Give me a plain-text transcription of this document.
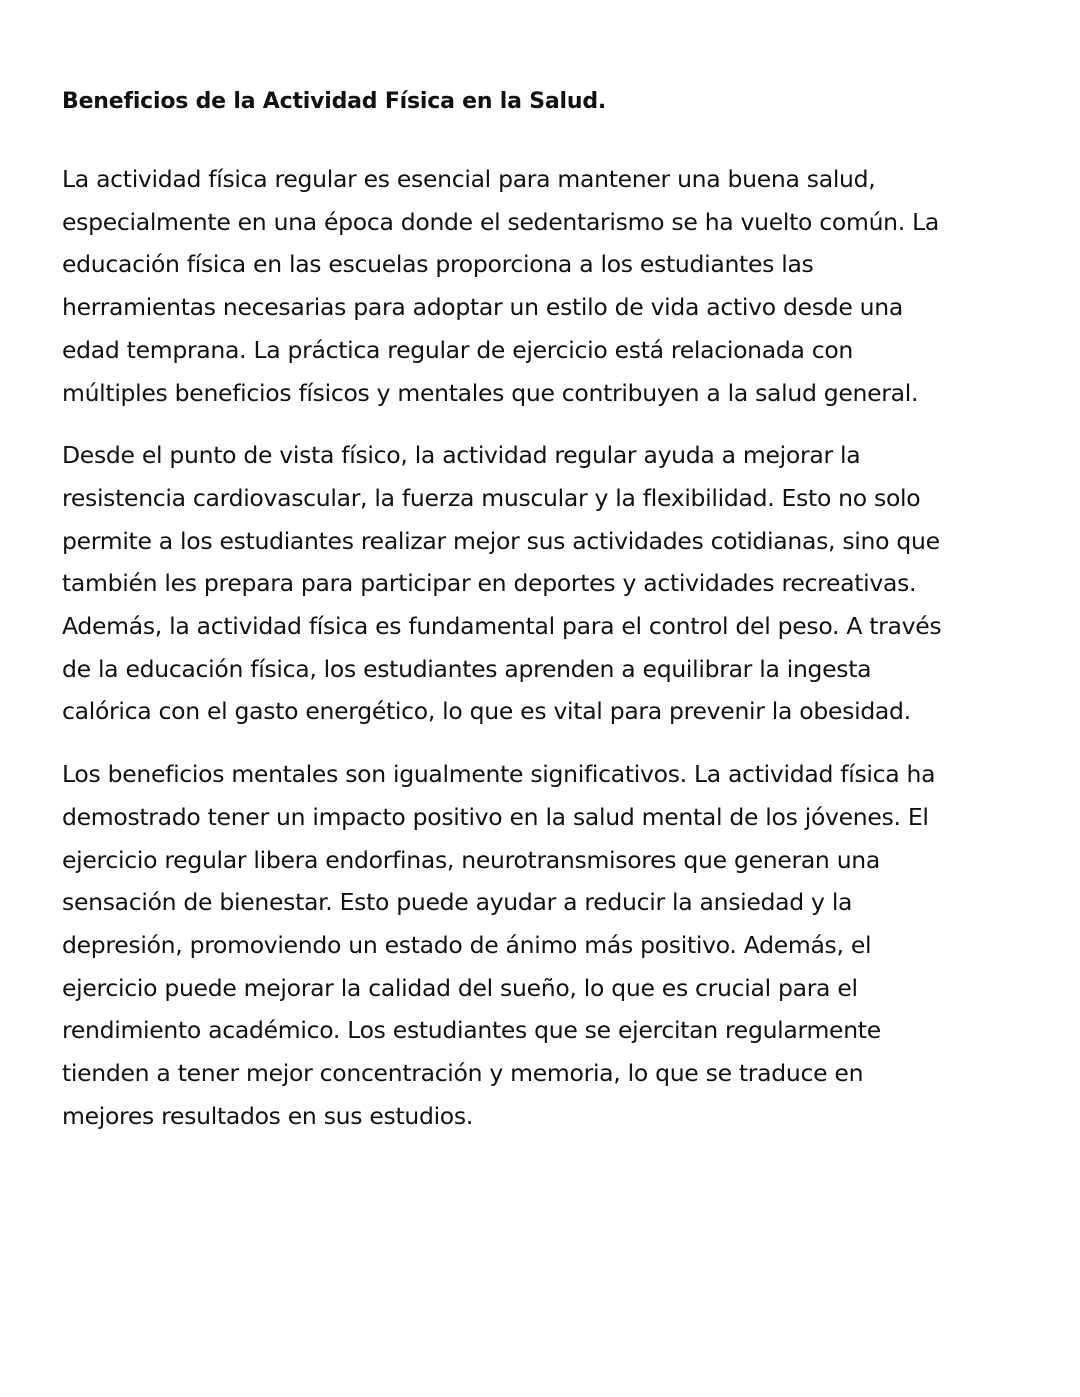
Beneficios de la Actividad Física en la Salud.

La actividad física regular es esencial para mantener una buena salud, especialmente en una época donde el sedentarismo se ha vuelto común. La educación física en las escuelas proporciona a los estudiantes las herramientas necesarias para adoptar un estilo de vida activo desde una edad temprana. La práctica regular de ejercicio está relacionada con múltiples beneficios físicos y mentales que contribuyen a la salud general.

Desde el punto de vista físico, la actividad regular ayuda a mejorar la resistencia cardiovascular, la fuerza muscular y la flexibilidad. Esto no solo permite a los estudiantes realizar mejor sus actividades cotidianas, sino que también les prepara para participar en deportes y actividades recreativas. Además, la actividad física es fundamental para el control del peso. A través de la educación física, los estudiantes aprenden a equilibrar la ingesta calórica con el gasto energético, lo que es vital para prevenir la obesidad.

Los beneficios mentales son igualmente significativos. La actividad física ha demostrado tener un impacto positivo en la salud mental de los jóvenes. El ejercicio regular libera endorfinas, neurotransmisores que generan una sensación de bienestar. Esto puede ayudar a reducir la ansiedad y la depresión, promoviendo un estado de ánimo más positivo. Además, el ejercicio puede mejorar la calidad del sueño, lo que es crucial para el rendimiento académico. Los estudiantes que se ejercitan regularmente tienden a tener mejor concentración y memoria, lo que se traduce en mejores resultados en sus estudios.
